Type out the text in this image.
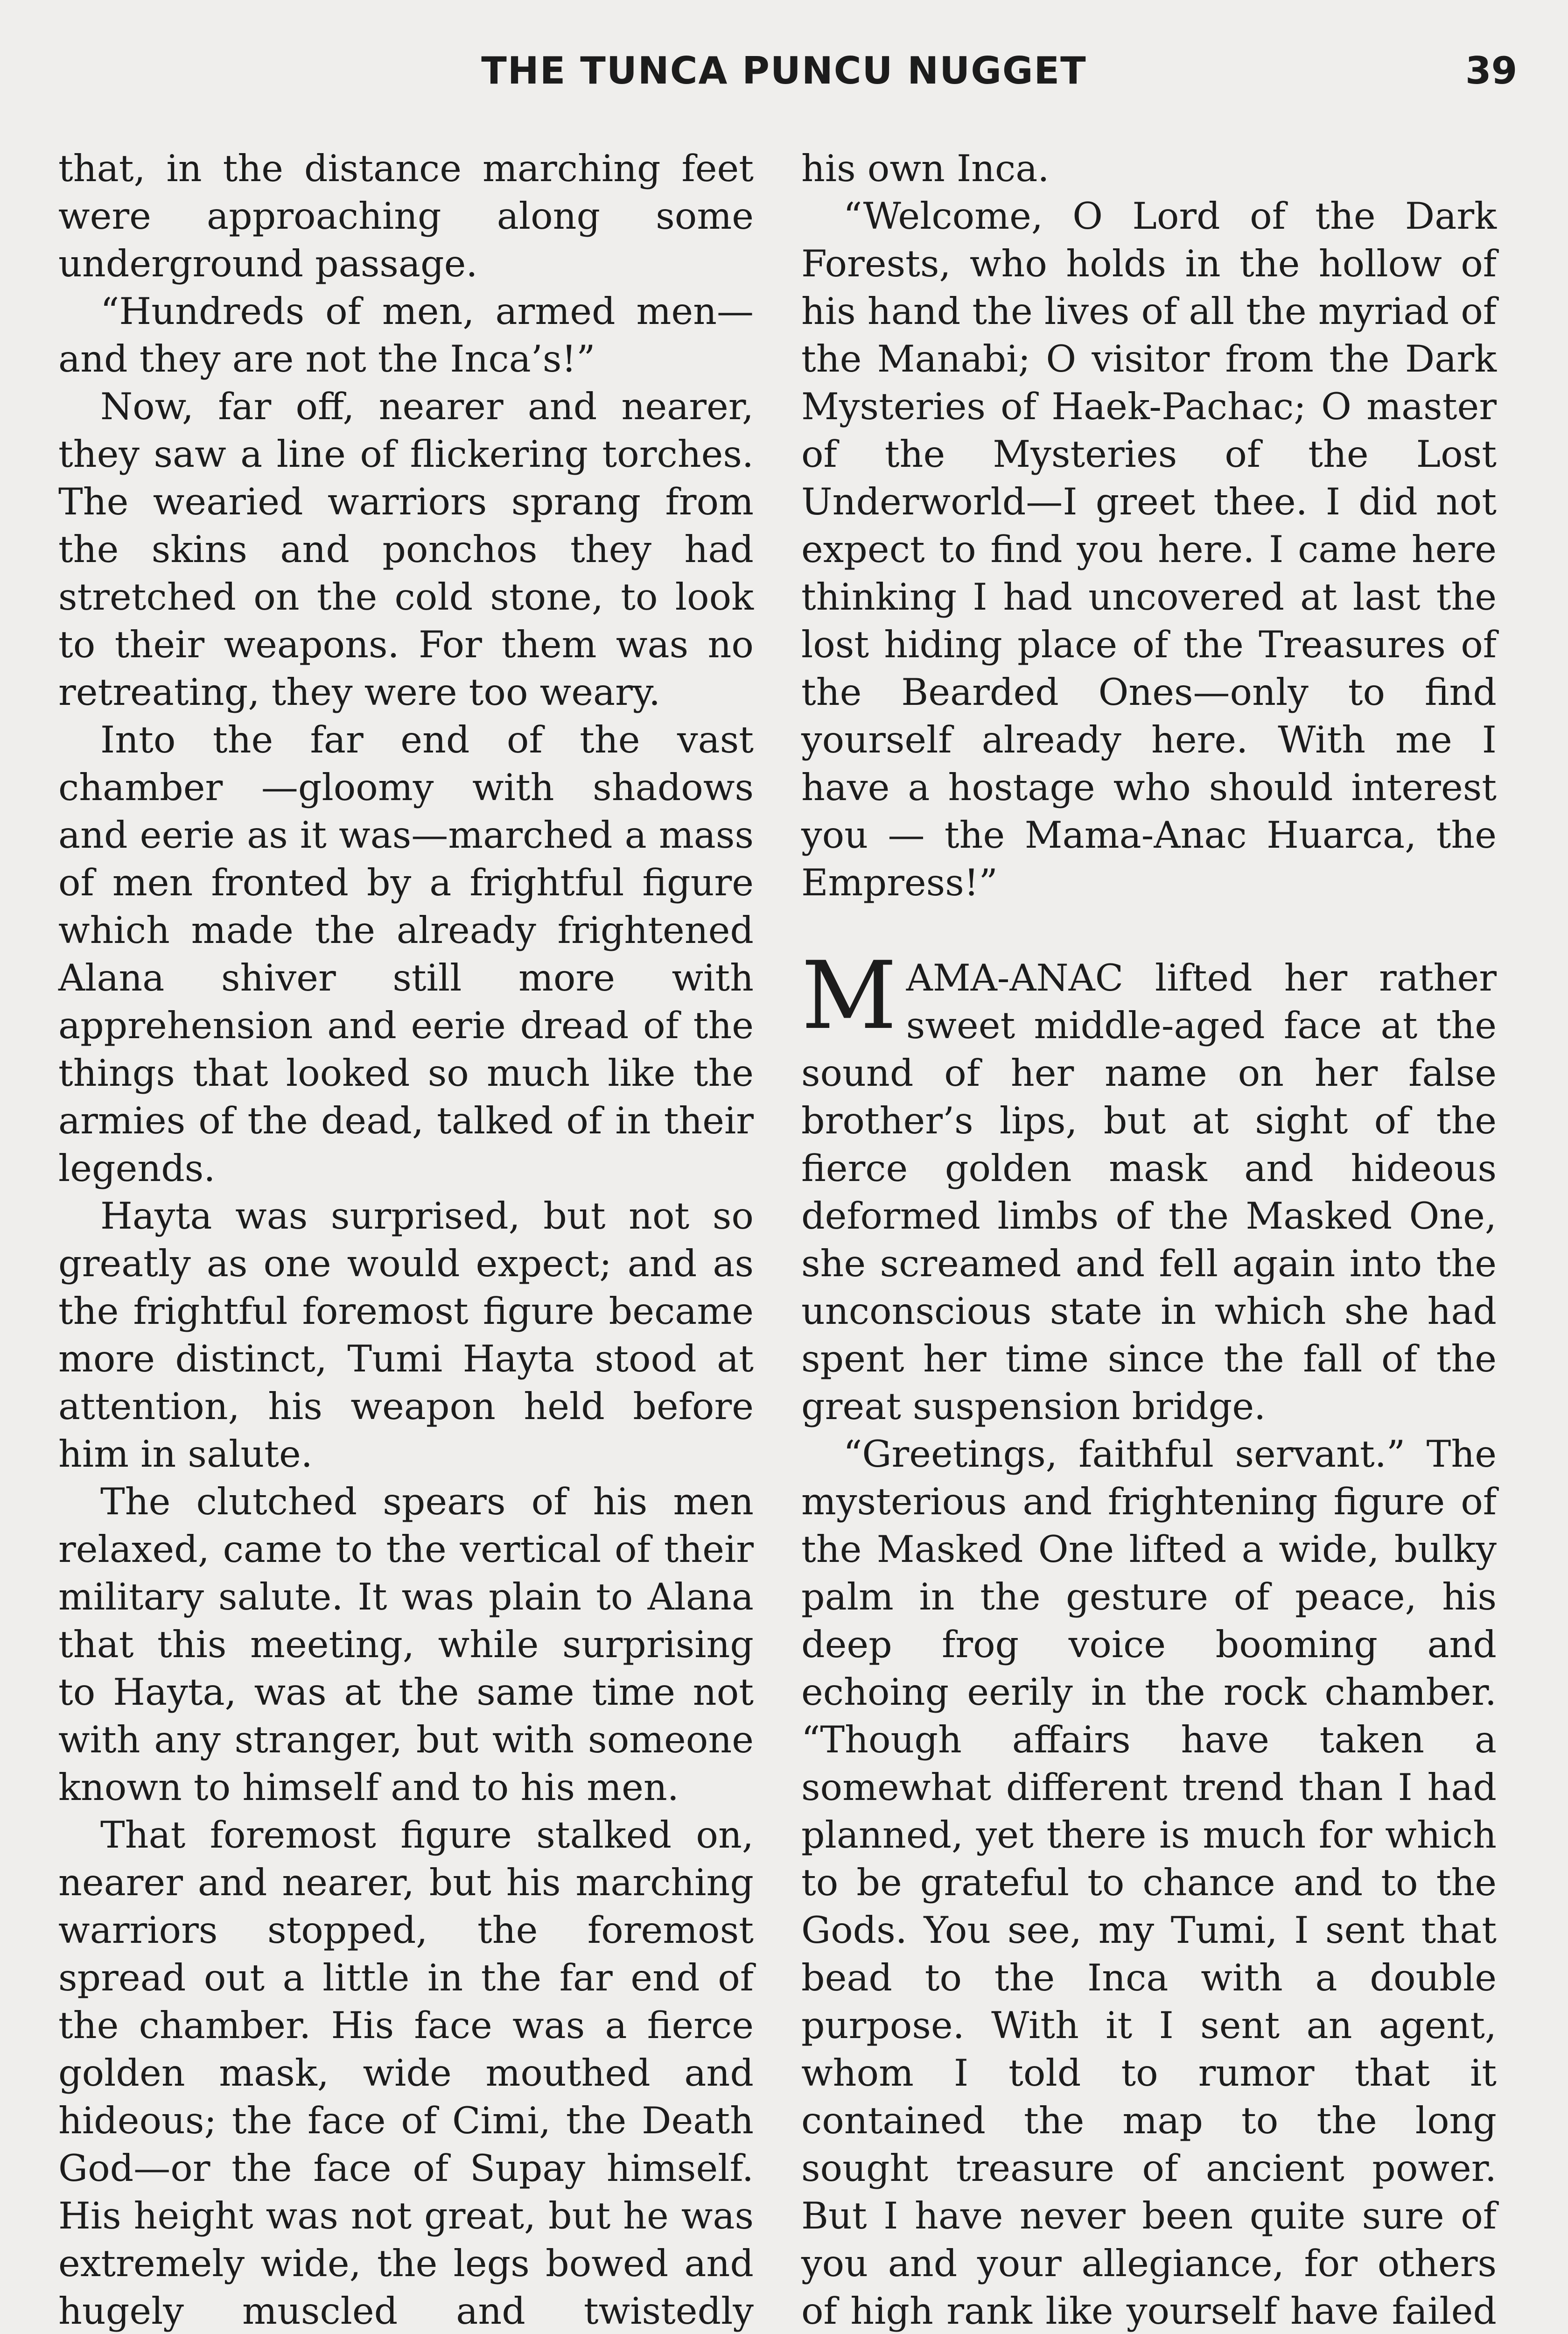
THE TUNCA PUNCU NUGGET	39

that, in the distance marching feet were approaching along some underground passage.

“Hundreds of men, armed men—and they are not the Inca’s!”

Now, far off, nearer and nearer, they saw a line of flickering torches. The wearied warriors sprang from the skins and ponchos they had stretched on the cold stone, to look to their weapons. For them was no retreating, they were too weary.

Into the far end of the vast chamber —gloomy with shadows and eerie as it was—marched a mass of men fronted by a frightful figure which made the already frightened Alana shiver still more with apprehension and eerie dread of the things that looked so much like the armies of the dead, talked of in their legends.

Hayta was surprised, but not so greatly as one would expect; and as the frightful foremost figure became more distinct, Tumi Hayta stood at attention, his weapon held before him in salute.

The clutched spears of his men relaxed, came to the vertical of their military salute. It was plain to Alana that this meeting, while surprising to Hayta, was at the same time not with any stranger, but with someone known to himself and to his men.

That foremost figure stalked on, nearer and nearer, but his marching warriors stopped, the foremost spread out a little in the far end of the chamber. His face was a fierce golden mask, wide mouthed and hideous; the face of Cimi, the Death God—or the face of Supay himself. His height was not great, but he was extremely wide, the legs bowed and hugely muscled and twistedly

his own Inca.

“Welcome, O Lord of the Dark Forests, who holds in the hollow of his hand the lives of all the myriad of the Manabi; O visitor from the Dark Mysteries of Haek-Pachac; O master of the Mysteries of the Lost Underworld—I greet thee. I did not expect to find you here. I came here thinking I had uncovered at last the lost hiding place of the Treasures of the Bearded Ones—only to find yourself already here. With me I have a hostage who should interest you — the Mama-Anac Huarca, the Empress!”

MAMA-ANAC lifted her rather sweet middle-aged face at the sound of her name on her false brother’s lips, but at sight of the fierce golden mask and hideous deformed limbs of the Masked One, she screamed and fell again into the unconscious state in which she had spent her time since the fall of the great suspension bridge.

“Greetings, faithful servant.” The mysterious and frightening figure of the Masked One lifted a wide, bulky palm in the gesture of peace, his deep frog voice booming and echoing eerily in the rock chamber. “Though affairs have taken a somewhat different trend than I had planned, yet there is much for which to be grateful to chance and to the Gods. You see, my Tumi, I sent that bead to the Inca with a double purpose. With it I sent an agent, whom I told to rumor that it contained the map to the long sought treasure of ancient power. But I have never been quite sure of you and your allegiance, for others of high rank like yourself have failed
